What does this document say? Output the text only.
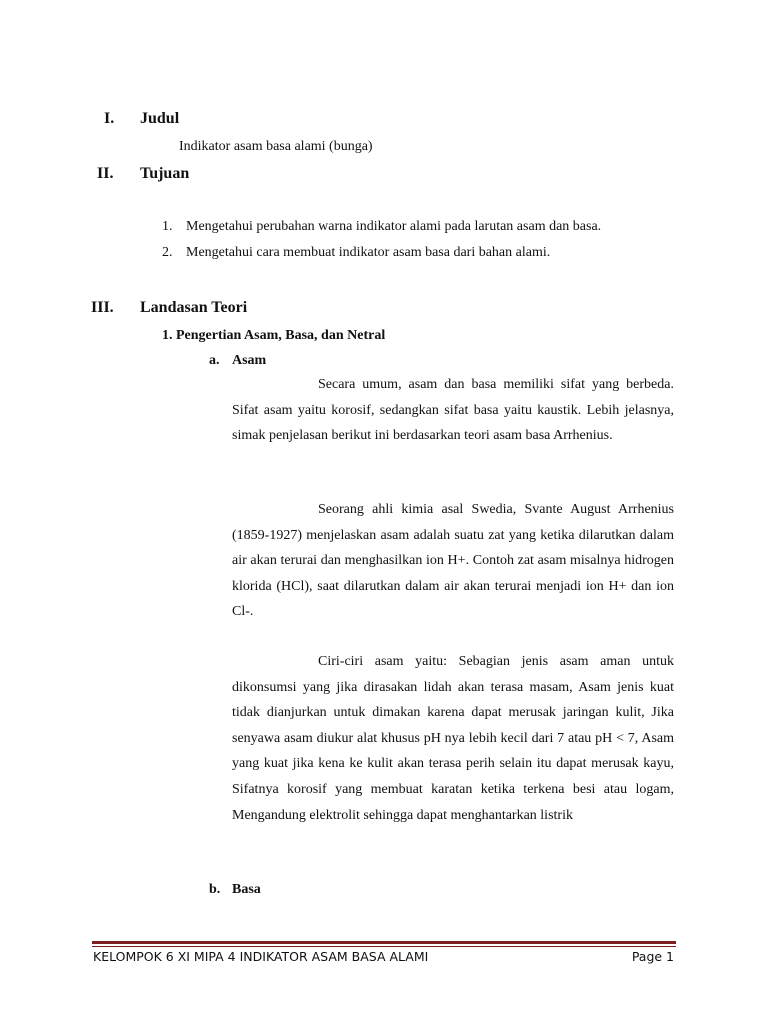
I. Judul
Indikator asam basa alami (bunga)
II. Tujuan
1. Mengetahui perubahan warna indikator alami pada larutan asam dan basa.
2. Mengetahui cara membuat indikator asam basa dari bahan alami.
III. Landasan Teori
1. Pengertian Asam, Basa, dan Netral
a. Asam
Secara umum, asam dan basa memiliki sifat yang berbeda. Sifat asam yaitu korosif, sedangkan sifat basa yaitu kaustik. Lebih jelasnya, simak penjelasan berikut ini berdasarkan teori asam basa Arrhenius.
Seorang ahli kimia asal Swedia, Svante August Arrhenius (1859-1927) menjelaskan asam adalah suatu zat yang ketika dilarutkan dalam air akan terurai dan menghasilkan ion H+. Contoh zat asam misalnya hidrogen klorida (HCl), saat dilarutkan dalam air akan terurai menjadi ion H+ dan ion Cl-.
Ciri-ciri asam yaitu: Sebagian jenis asam aman untuk dikonsumsi yang jika dirasakan lidah akan terasa masam, Asam jenis kuat tidak dianjurkan untuk dimakan karena dapat merusak jaringan kulit, Jika senyawa asam diukur alat khusus pH nya lebih kecil dari 7 atau pH < 7, Asam yang kuat jika kena ke kulit akan terasa perih selain itu dapat merusak kayu, Sifatnya korosif yang membuat karatan ketika terkena besi atau logam, Mengandung elektrolit sehingga dapat menghantarkan listrik
b. Basa
KELOMPOK 6 XI MIPA 4 INDIKATOR ASAM BASA ALAMI	Page 1
